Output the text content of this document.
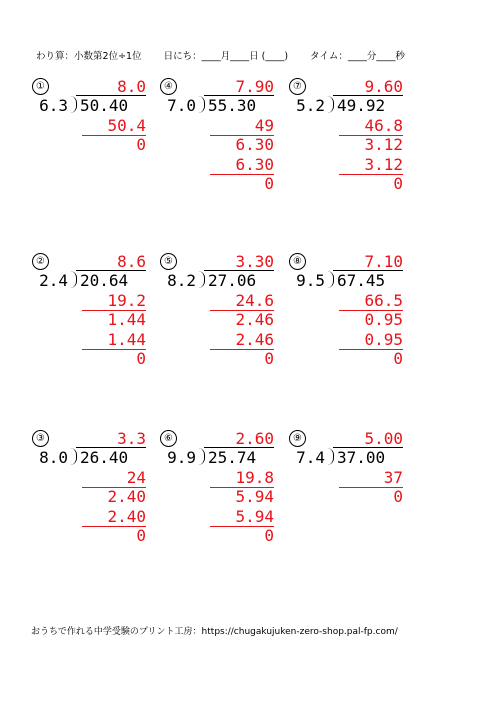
わり算：小数第2位÷1位 日にち：____月____日 (____) タイム：____分____秒

①	8.0
6.3 50.40
50.4
0
④	7.90
7.0 55.30
49
6.30
6.30
0
⑦	9.60
5.2 49.92
46.8
3.12
3.12
0
②	8.6
2.4 20.64
19.2
1.44
1.44
0
⑤	3.30
8.2 27.06
24.6
2.46
2.46
0
⑧	7.10
9.5 67.45
66.5
0.95
0.95
0
③	3.3
8.0 26.40
24
2.40
2.40
0
⑥	2.60
9.9 25.74
19.8
5.94
5.94
0
⑨	5.00
7.4 37.00
37
0
おうちで作れる中学受験のプリント工房：https://chugakujuken-zero-shop.pal-fp.com/
